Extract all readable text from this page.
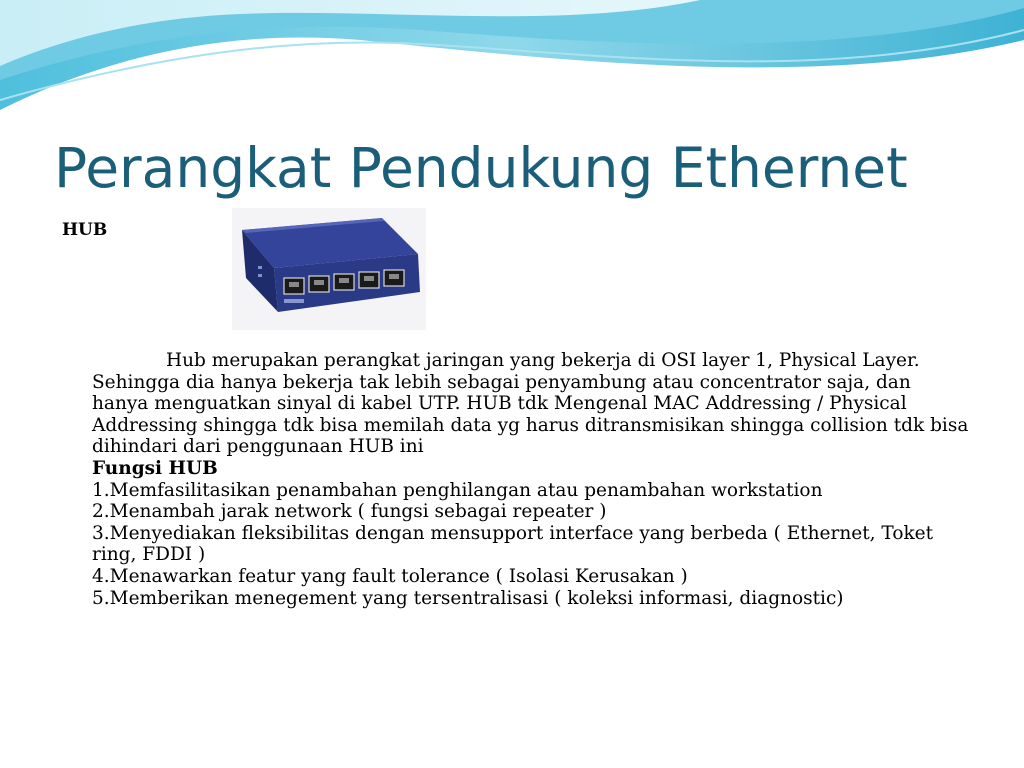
Perangkat Pendukung Ethernet
HUB

Hub merupakan perangkat jaringan yang bekerja di OSI layer 1, Physical Layer. Sehingga dia hanya bekerja tak lebih sebagai penyambung atau concentrator saja, dan hanya menguatkan sinyal di kabel UTP. HUB tdk Mengenal MAC Addressing / Physical Addressing shingga tdk bisa memilah data yg harus ditransmisikan shingga collision tdk bisa dihindari dari penggunaan HUB ini

Fungsi HUB

1.Memfasilitasikan penambahan penghilangan atau penambahan workstation

2.Menambah jarak network ( fungsi sebagai repeater )

3.Menyediakan fleksibilitas dengan mensupport interface yang berbeda ( Ethernet, Toket ring, FDDI )

4.Menawarkan featur yang fault tolerance ( Isolasi Kerusakan )

5.Memberikan menegement yang tersentralisasi ( koleksi informasi, diagnostic)
